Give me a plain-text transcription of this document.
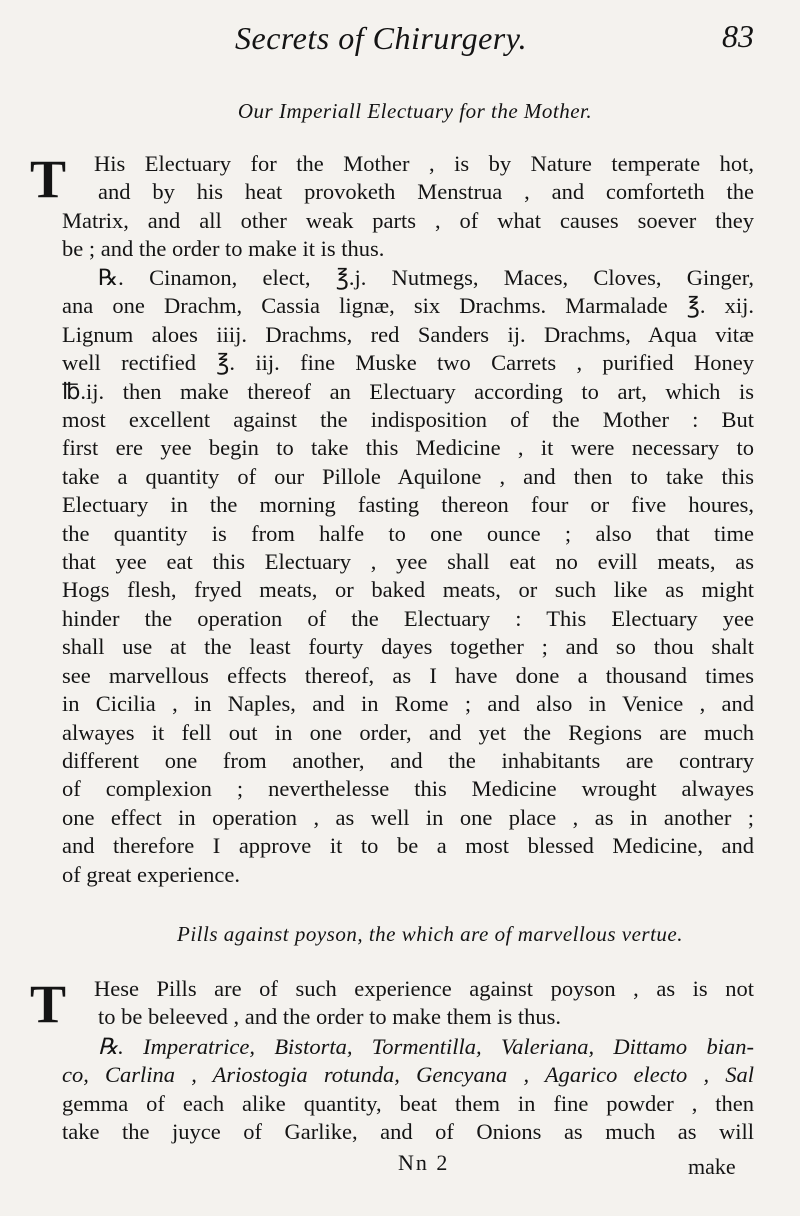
Secrets of Chirurgery.	83
Our Imperiall Electuary for the Mother.
T His Electuary for the Mother , is by Nature temperate hot,
and by his heat provoketh Menstrua , and comforteth the
Matrix, and all other weak parts , of what causes soever they
be ; and the order to make it is thus.
℞. Cinamon, elect, ℥.j. Nutmegs, Maces, Cloves, Ginger,
ana one Drachm, Cassia lignæ, six Drachms. Marmalade ℥. xij.
Lignum aloes iiij. Drachms, red Sanders ij. Drachms, Aqua vitæ
well rectified ℥. iij. fine Muske two Carrets , purified Honey
℔.ij. then make thereof an Electuary according to art, which is
most excellent against the indisposition of the Mother : But
first ere yee begin to take this Medicine , it were necessary to
take a quantity of our Pillole Aquilone , and then to take this
Electuary in the morning fasting thereon four or five houres,
the quantity is from halfe to one ounce ; also that time
that yee eat this Electuary , yee shall eat no evill meats, as
Hogs flesh, fryed meats, or baked meats, or such like as might
hinder the operation of the Electuary : This Electuary yee
shall use at the least fourty dayes together ; and so thou shalt
see marvellous effects thereof, as I have done a thousand times
in Cicilia , in Naples, and in Rome ; and also in Venice , and
alwayes it fell out in one order, and yet the Regions are much
different one from another, and the inhabitants are contrary
of complexion ; neverthelesse this Medicine wrought alwayes
one effect in operation , as well in one place , as in another ;
and therefore I approve it to be a most blessed Medicine, and
of great experience.
Pills against poyson, the which are of marvellous vertue.
T Hese Pills are of such experience against poyson , as is not
to be beleeved , and the order to make them is thus.
℞. Imperatrice, Bistorta, Tormentilla, Valeriana, Dittamo bian-
co, Carlina , Ariostogia rotunda, Gencyana , Agarico electo , Sal
gemma of each alike quantity, beat them in fine powder , then
take the juyce of Garlike, and of Onions as much as will
Nn 2	make
